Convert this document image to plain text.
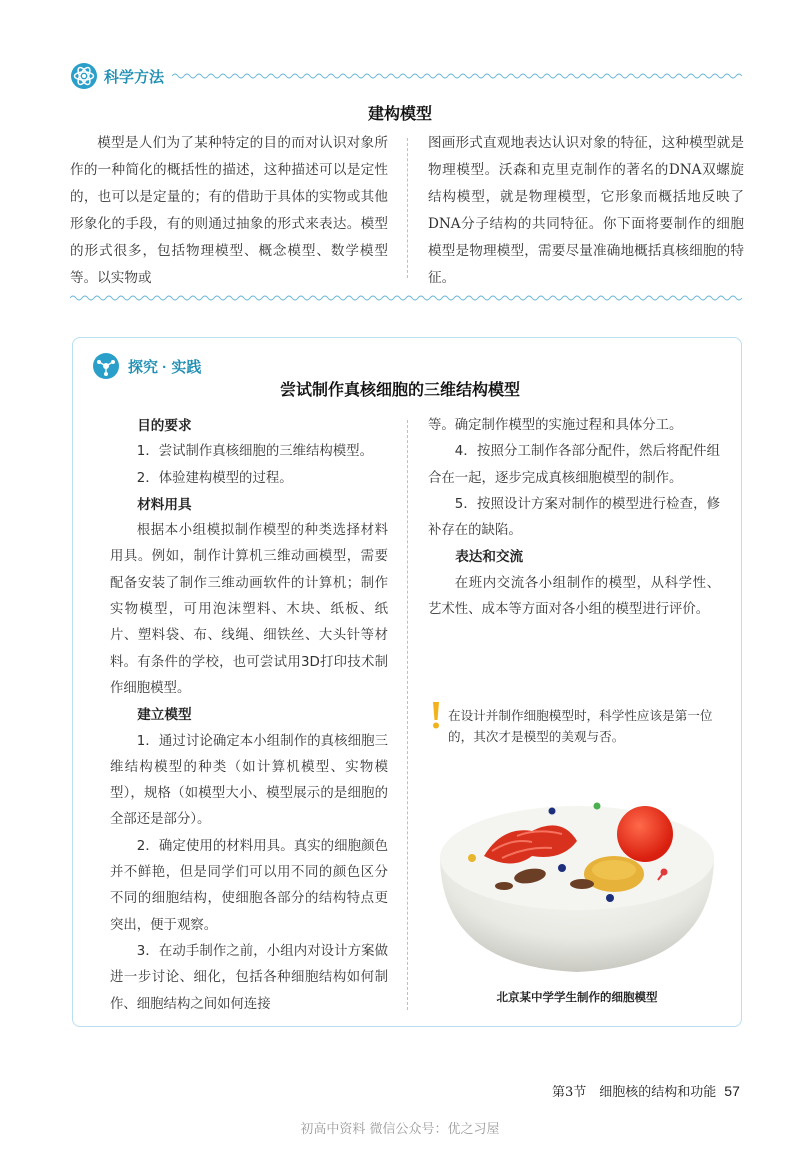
科学方法
建构模型
模型是人们为了某种特定的目的而对认识对象所作的一种简化的概括性的描述，这种描述可以是定性的，也可以是定量的；有的借助于具体的实物或其他形象化的手段，有的则通过抽象的形式来表达。模型的形式很多，包括物理模型、概念模型、数学模型等。以实物或
图画形式直观地表达认识对象的特征，这种模型就是物理模型。沃森和克里克制作的著名的DNA双螺旋结构模型，就是物理模型，它形象而概括地反映了DNA分子结构的共同特征。你下面将要制作的细胞模型是物理模型，需要尽量准确地概括真核细胞的特征。
探究 · 实践
尝试制作真核细胞的三维结构模型
目的要求
1．尝试制作真核细胞的三维结构模型。
2．体验建构模型的过程。
材料用具
根据本小组模拟制作模型的种类选择材料用具。例如，制作计算机三维动画模型，需要配备安装了制作三维动画软件的计算机；制作实物模型，可用泡沫塑料、木块、纸板、纸片、塑料袋、布、线绳、细铁丝、大头针等材料。有条件的学校，也可尝试用3D打印技术制作细胞模型。
建立模型
1．通过讨论确定本小组制作的真核细胞三维结构模型的种类（如计算机模型、实物模型），规格（如模型大小、模型展示的是细胞的全部还是部分）。
2．确定使用的材料用具。真实的细胞颜色并不鲜艳，但是同学们可以用不同的颜色区分不同的细胞结构，使细胞各部分的结构特点更突出，便于观察。
3．在动手制作之前，小组内对设计方案做进一步讨论、细化，包括各种细胞结构如何制作、细胞结构之间如何连接
等。确定制作模型的实施过程和具体分工。
4．按照分工制作各部分配件，然后将配件组合在一起，逐步完成真核细胞模型的制作。
5．按照设计方案对制作的模型进行检查，修补存在的缺陷。
表达和交流
在班内交流各小组制作的模型，从科学性、艺术性、成本等方面对各小组的模型进行评价。
在设计并制作细胞模型时，科学性应该是第一位的，其次才是模型的美观与否。
北京某中学学生制作的细胞模型
第3节　细胞核的结构和功能 57
初高中资料 微信公众号：优之习屋
